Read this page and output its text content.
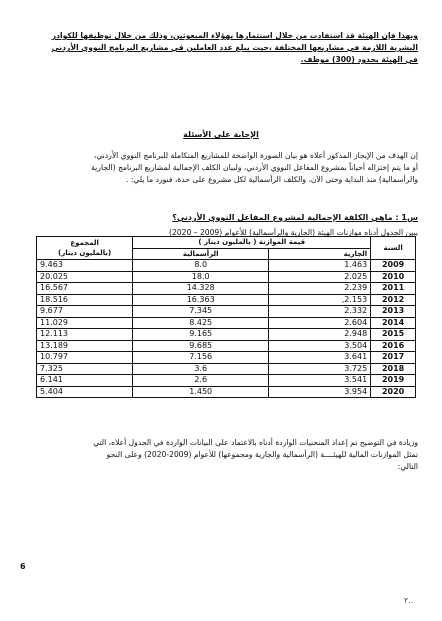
وبهذا فإن الهيئة قد استفادت من خلال استثمارها بهؤلاء المبعوثين، وذلك من خلال توظيفها للكوادر
البشرية اللازمة في مشاريعها المختلفة ،حيث يبلغ عدد العاملين في مشاريع البرنامج النووي الأردني
في الهيئة بحدود (300) موظف.
الإجابة على الأسئلة
إن الهدف من الإيجاز المذكور أعلاه هو بيان الصورة الواضحة للمشاريع المتكاملة للبرنامج النووي الأردني،
أو ما يتم إختزاله أحياناً بمشروع المفاعل النووي الأردني، ولبيان الكلف الإجمالية لمشاريع البرنامج (الجارية
والرأسمالية) منذ البداية وحتى الآن، والكلف الرأسمالية لكل مشروع على حدة، فنورد ما يلي: .
س1 : ماهي الكلفة الإجمالية لمشروع المفاعل النووي الأردني؟
يبين الجدول أدناه موازنات الهيئة (الجارية والرأسمالية) للأعوام (2009 – 2020)
السنة	قيمة الموازنة ( بالمليون دينار )		المجموع
(بالمليون دينار)

	الجارية	الرأسمالية	
2009	1.463	8.0	9.463
2010	2.025	18.0	20.025
2011	2.239	14.328	16.567
2012	2.153,	16.363	18.516
2013	2.332	7.345	9.677
2014	2.604	8.425	11.029
2015	2.948	9.165	12.113
2016	3.504	9.685	13.189
2017	3.641	7.156	10.797
2018	3.725	3.6	7.325
2019	3.541	2.6	6.141
2020	3.954	1.450	5.404
وزيادة في التوضيح تم إعداد المنحنيات الواردة أدناه بالاعتماد على البيانات الواردة في الجدول أعلاه، التي
تمثل الموازنات المالية للهيئــــة (الرأسمالية والجارية ومجموعها) للأعوام (2009-2020) وعلى النحو
التالي:
6
٢..
